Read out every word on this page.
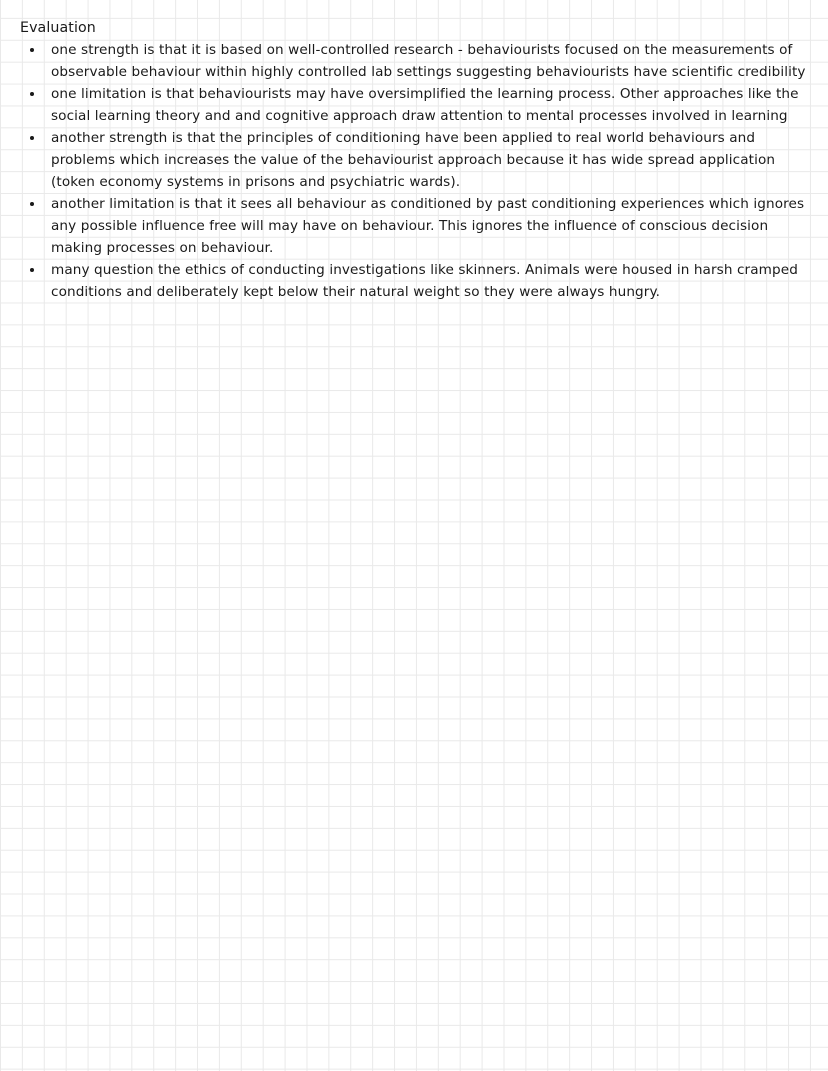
Evaluation
one strength is that it is based on well-controlled research - behaviourists focused on the measurements of observable behaviour within highly controlled lab settings suggesting behaviourists have scientific credibility
one limitation is that behaviourists may have oversimplified the learning process. Other approaches like the social learning theory and and cognitive approach draw attention to mental processes involved in learning
another strength is that the principles of conditioning have been applied to real world behaviours and problems which increases the value of the behaviourist approach because it has wide spread application (token economy systems in prisons and psychiatric wards).
another limitation is that it sees all behaviour as conditioned by past conditioning experiences which ignores any possible influence free will may have on behaviour. This ignores the influence of conscious decision making processes on behaviour.
many question the ethics of conducting investigations like skinners. Animals were housed in harsh cramped conditions and deliberately kept below their natural weight so they were always hungry.
